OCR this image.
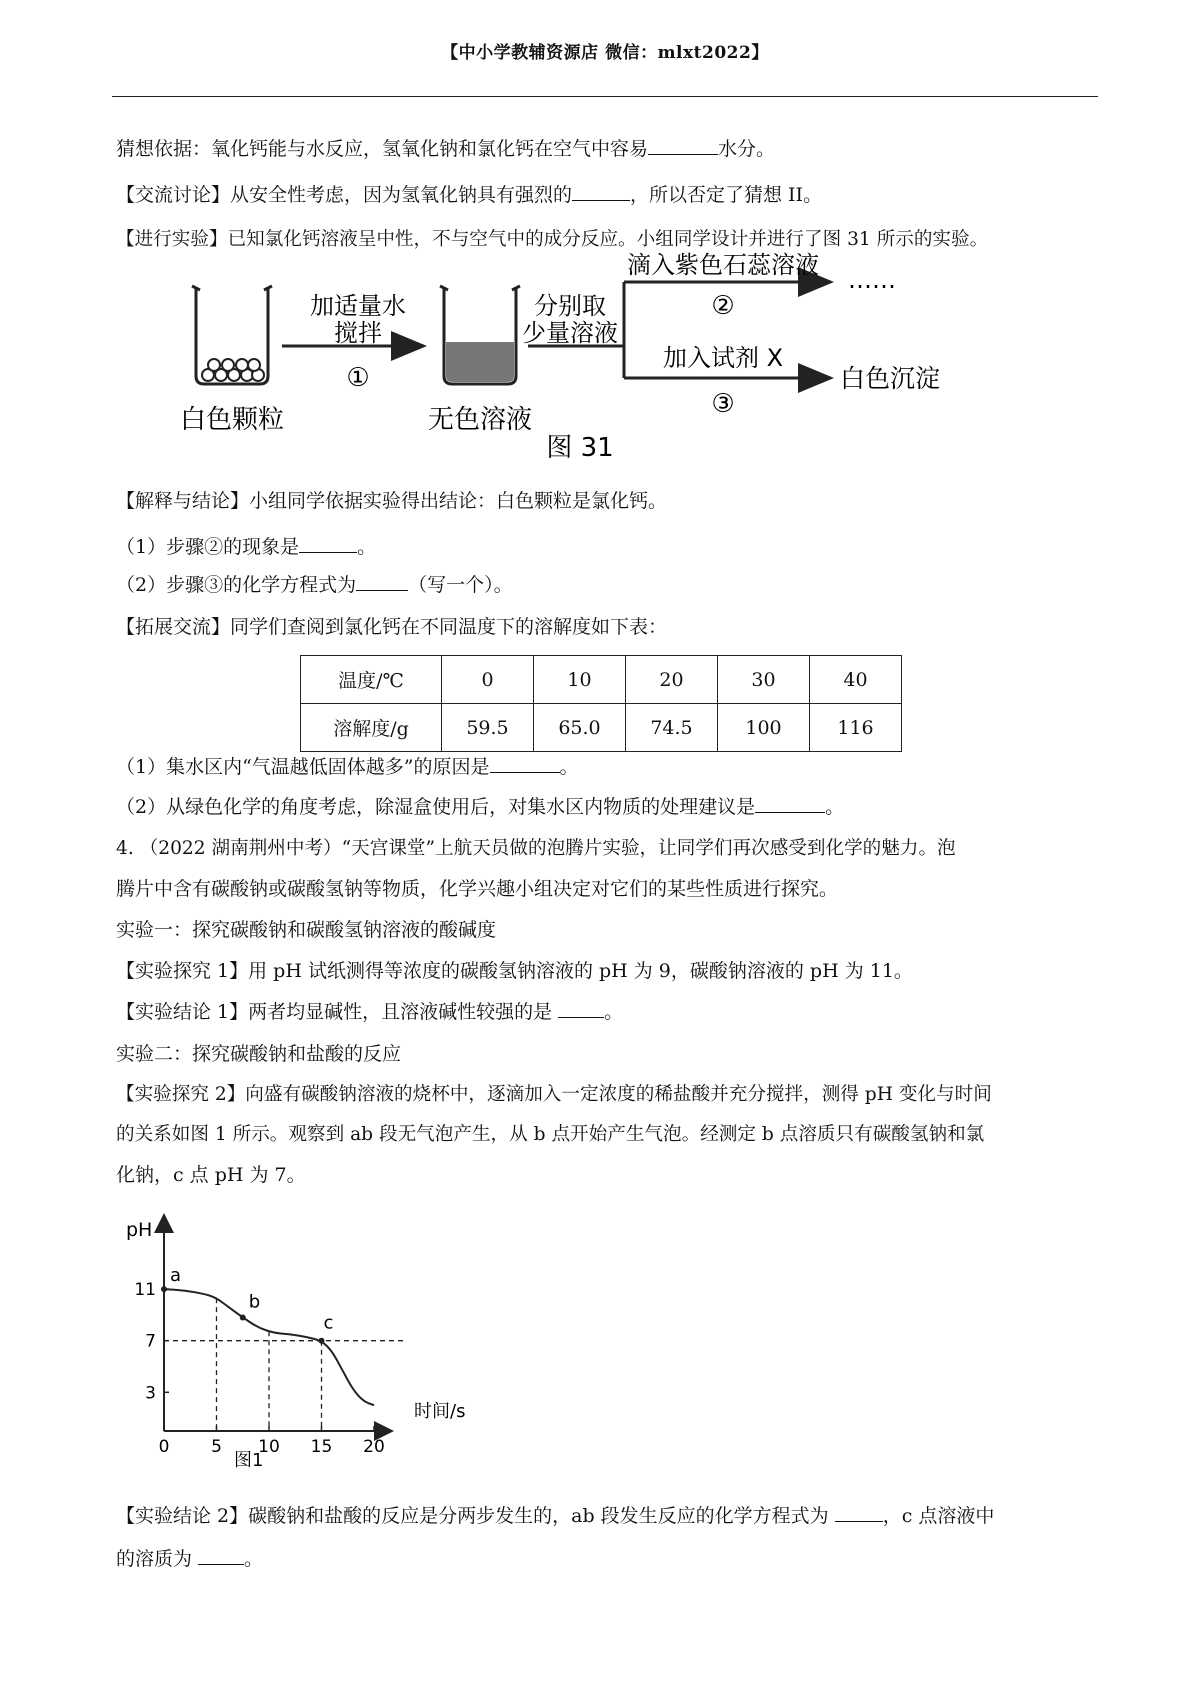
【中小学教辅资源店 微信：mlxt2022】
猜想依据：氧化钙能与水反应，氢氧化钠和氯化钙在空气中容易	水分。
【交流讨论】从安全性考虑，因为氢氧化钠具有强烈的	，所以否定了猜想 II。
【进行实验】已知氯化钙溶液呈中性，不与空气中的成分反应。小组同学设计并进行了图 31 所示的实验。
白色颗粒
加适量水
搅拌
①
无色溶液
分别取
少量溶液
滴入紫色石蕊溶液
②
……
加入试剂 X
③
白色沉淀
图 31
【解释与结论】小组同学依据实验得出结论：白色颗粒是氯化钙。
（1）步骤②的现象是	。
（2）步骤③的化学方程式为	（写一个）。
【拓展交流】同学们查阅到氯化钙在不同温度下的溶解度如下表：
温度/℃	0	10	20	30	40
溶解度/g	59.5	65.0	74.5	100	116
（1）集水区内“气温越低固体越多”的原因是	。
（2）从绿色化学的角度考虑，除湿盒使用后，对集水区内物质的处理建议是	。
4. （2022 湖南荆州中考）“天宫课堂”上航天员做的泡腾片实验，让同学们再次感受到化学的魅力。泡
腾片中含有碳酸钠或碳酸氢钠等物质，化学兴趣小组决定对它们的某些性质进行探究。
实验一：探究碳酸钠和碳酸氢钠溶液的酸碱度
【实验探究 1】用 pH 试纸测得等浓度的碳酸氢钠溶液的 pH 为 9，碳酸钠溶液的 pH 为 11。
【实验结论 1】两者均显碱性，且溶液碱性较强的是 。
实验二：探究碳酸钠和盐酸的反应
【实验探究 2】向盛有碳酸钠溶液的烧杯中，逐滴加入一定浓度的稀盐酸并充分搅拌，测得 pH 变化与时间
的关系如图 1 所示。观察到 ab 段无气泡产生，从 b 点开始产生气泡。经测定 b 点溶质只有碳酸氢钠和氯
化钠，c 点 pH 为 7。
pH
时间/s
0 5 10 15 20
3
7
11
a
b
c
图1
【实验结论 2】碳酸钠和盐酸的反应是分两步发生的，ab 段发生反应的化学方程式为	，c 点溶液中
的溶质为 。
